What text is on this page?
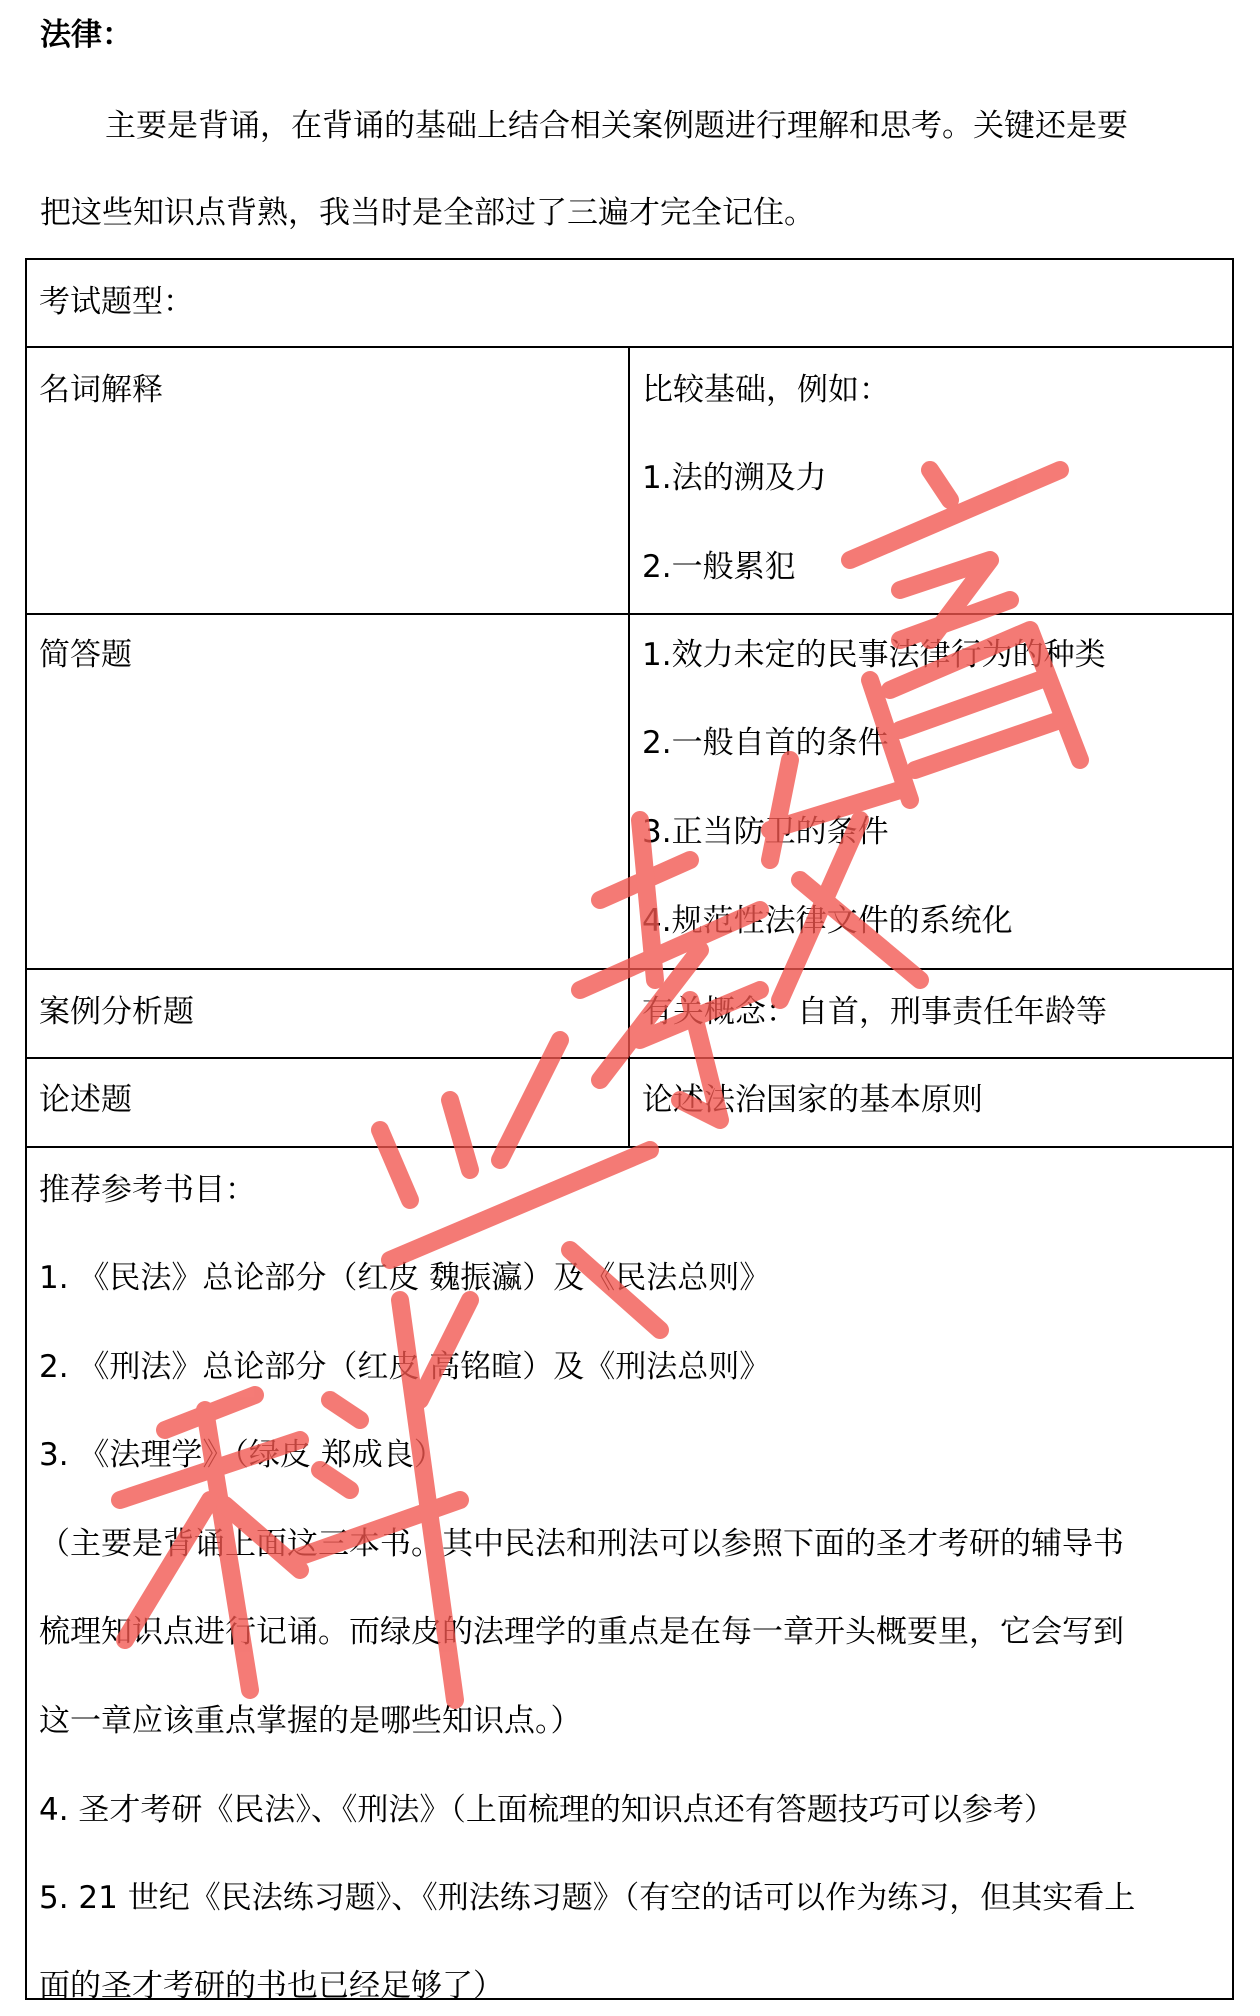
法律：

主要是背诵，在背诵的基础上结合相关案例题进行理解和思考。关键还是要

把这些知识点背熟，我当时是全部过了三遍才完全记住。

考试题型：
名词解释	比较基础，例如：
1.法的溯及力
2.一般累犯
简答题	1.效力未定的民事法律行为的种类
2.一般自首的条件
3.正当防卫的条件
4.规范性法律文件的系统化
案例分析题	有关概念：自首，刑事责任年龄等
论述题	论述法治国家的基本原则
推荐参考书目：
1. 《民法》总论部分（红皮 魏振瀛）及《民法总则》
2. 《刑法》总论部分（红皮 高铭暄）及《刑法总则》
3. 《法理学》（绿皮 郑成良）
（主要是背诵上面这三本书。其中民法和刑法可以参照下面的圣才考研的辅导书
梳理知识点进行记诵。而绿皮的法理学的重点是在每一章开头概要里，它会写到
这一章应该重点掌握的是哪些知识点。）
4. 圣才考研《民法》、《刑法》（上面梳理的知识点还有答题技巧可以参考）
5. 21 世纪《民法练习题》、《刑法练习题》（有空的话可以作为练习，但其实看上
面的圣才考研的书也已经足够了）
